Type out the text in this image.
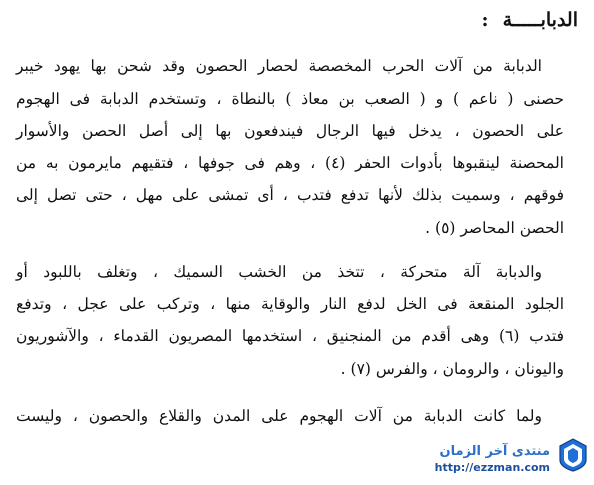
الدبابـــــة:
الدبابة من آلات الحرب المخصصة لحصار الحصون وقد شحن بها يهود خيبر
حصنى ( ناعم ) و ( الصعب بن معاذ ) بالنطاة ، وتستخدم الدبابة فى الهجوم
على الحصون ، يدخل فيها الرجال فيندفعون بها إلى أصل الحصن والأسوار
المحصنة لينقبوها بأدوات الحفر (٤) ، وهم فى جوفها ، فتقيهم مايرمون به من
فوقهم ، وسميت بذلك لأنها تدفع فتدب ، أى تمشى على مهل ، حتى تصل إلى
الحصن المحاصر (٥) .
والدبابة آلة متحركة ، تتخذ من الخشب السميك ، وتغلف باللبود أو
الجلود المنقعة فى الخل لدفع النار والوقاية منها ، وتركب على عجل ، وتدفع
فتدب (٦) وهى أقدم من المنجنيق ، استخدمها المصريون القدماء ، والآشوريون
واليونان ، والرومان ، والفرس (٧) .
ولما كانت الدبابة من آلات الهجوم على المدن والقلاع والحصون ، وليست
منتدى آخر الزمان
http://ezzman.com
